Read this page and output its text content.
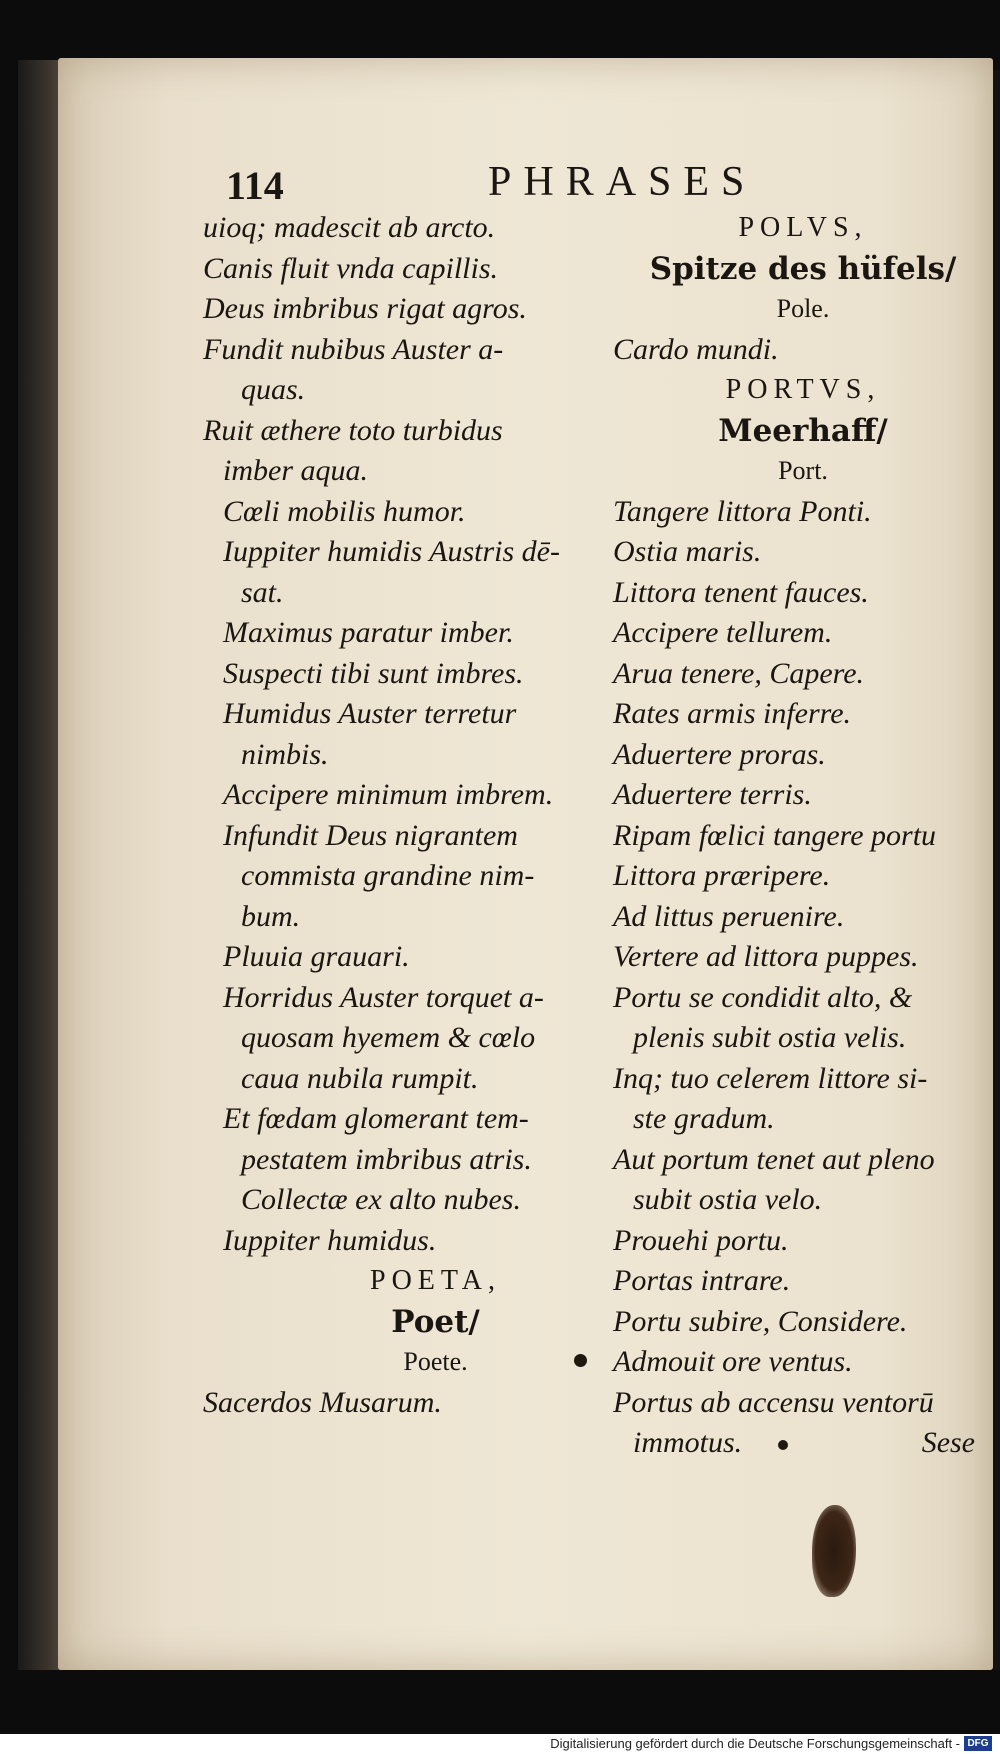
114	PHRASES
uioq; madescit ab arcto.
Canis fluit vnda capillis.
Deus imbribus rigat agros.
Fundit nubibus Auster a-
quas.
Ruit æthere toto turbidus
imber aqua.
Cœli mobilis humor.
Iuppiter humidis Austris dē-
sat.
Maximus paratur imber.
Suspecti tibi sunt imbres.
Humidus Auster terretur
nimbis.
Accipere minimum imbrem.
Infundit Deus nigrantem
commista grandine nim-
bum.
Pluuia grauari.
Horridus Auster torquet a-
quosam hyemem & cœlo
caua nubila rumpit.
Et fœdam glomerant tem-
pestatem imbribus atris.
Collectæ ex alto nubes.
Iuppiter humidus.
POETA,
Poet/
Poete.
Sacerdos Musarum.
POLVS,
Spitze des hüfels/
Pole.
Cardo mundi.
PORTVS,
Meerhaff/
Port.
Tangere littora Ponti.
Ostia maris.
Littora tenent fauces.
Accipere tellurem.
Arua tenere, Capere.
Rates armis inferre.
Aduertere proras.
Aduertere terris.
Ripam fœlici tangere portu
Littora præripere.
Ad littus peruenire.
Vertere ad littora puppes.
Portu se condidit alto, &
plenis subit ostia velis.
Inq; tuo celerem littore si-
ste gradum.
Aut portum tenet aut pleno
subit ostia velo.
Prouehi portu.
Portas intrare.
Portu subire, Considere.
Admouit ore ventus.
Portus ab accensu ventorū
immotus.	Sese
Digitalisierung gefördert durch die Deutsche Forschungsgemeinschaft - DFG
